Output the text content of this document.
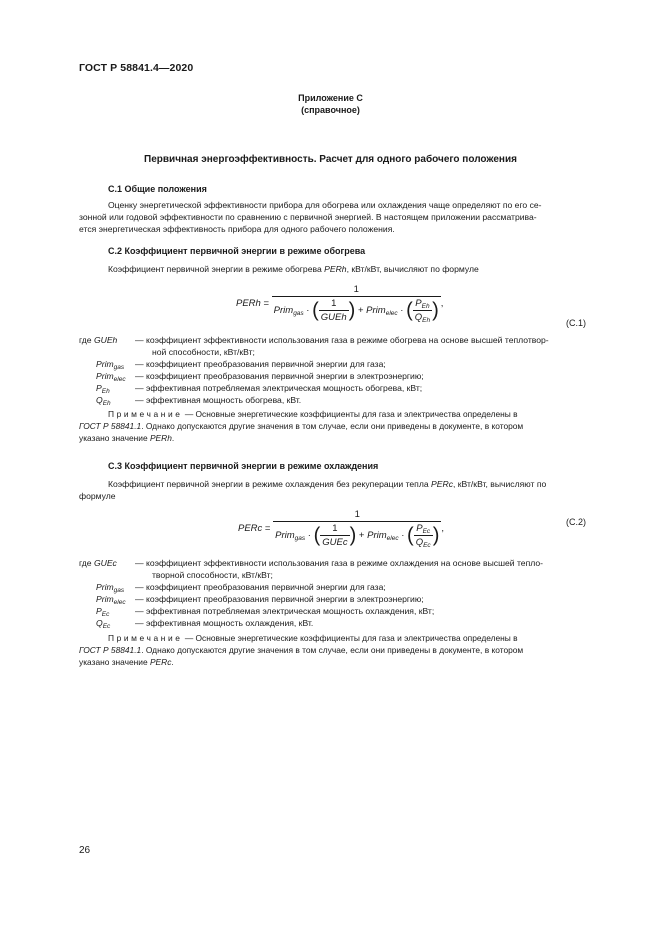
ГОСТ Р 58841.4—2020
Приложение С
(справочное)
Первичная энергоэффективность. Расчет для одного рабочего положения
С.1 Общие положения
Оценку энергетической эффективности прибора для обогрева или охлаждения чаще определяют по его се-
зонной или годовой эффективности по сравнению с первичной энергией. В настоящем приложении рассматрива-
ется энергетическая эффективность прибора для одного рабочего положения.
С.2 Коэффициент первичной энергии в режиме обогрева
Коэффициент первичной энергии в режиме обогрева PERh, кВт/кВт, вычисляют по формуле
PERh =
1
Prim$_{gas}$ · ( $\frac{1}{\text{GUEh}}$ ) + Prim$_{elec}$ · ( $\frac{P_{Eh}}{Q_{Eh}}$ ) ,
(С.1)
где GUEh — коэффициент эффективности использования газа в режиме обогрева на основе высшей теплотвор-
ной способности, кВт/кВт;
Prim$_{gas}$ — коэффициент преобразования первичной энергии для газа;
Prim$_{elec}$ — коэффициент преобразования первичной энергии в электроэнергию;
$P_{Eh}$	— эффективная потребляемая электрическая мощность обогрева, кВт;
$Q_{Eh}$	— эффективная мощность обогрева, кВт.
Примечание — Основные энергетические коэффициенты для газа и электричества определены в
ГОСТ Р 58841.1. Однако допускаются другие значения в том случае, если они приведены в документе, в котором
указано значение PERh.
С.3 Коэффициент первичной энергии в режиме охлаждения
Коэффициент первичной энергии в режиме охлаждения без рекуперации тепла PERc, кВт/кВт, вычисляют по
формуле
PERc =
1
Prim$_{gas}$ · ( $\frac{1}{\text{GUEc}}$ ) + Prim$_{elec}$ · ( $\frac{P_{Ec}}{Q_{Ec}}$ ) ,
(С.2)
где GUEc — коэффициент эффективности использования газа в режиме охлаждения на основе высшей тепло-
творной способности, кВт/кВт;
Prim$_{gas}$ — коэффициент преобразования первичной энергии для газа;
Prim$_{elec}$ — коэффициент преобразования первичной энергии в электроэнергию;
$P_{Ec}$	— эффективная потребляемая электрическая мощность охлаждения, кВт;
$Q_{Ec}$	— эффективная мощность охлаждения, кВт.
Примечание — Основные энергетические коэффициенты для газа и электричества определены в
ГОСТ Р 58841.1. Однако допускаются другие значения в том случае, если они приведены в документе, в котором
указано значение PERc.
26
